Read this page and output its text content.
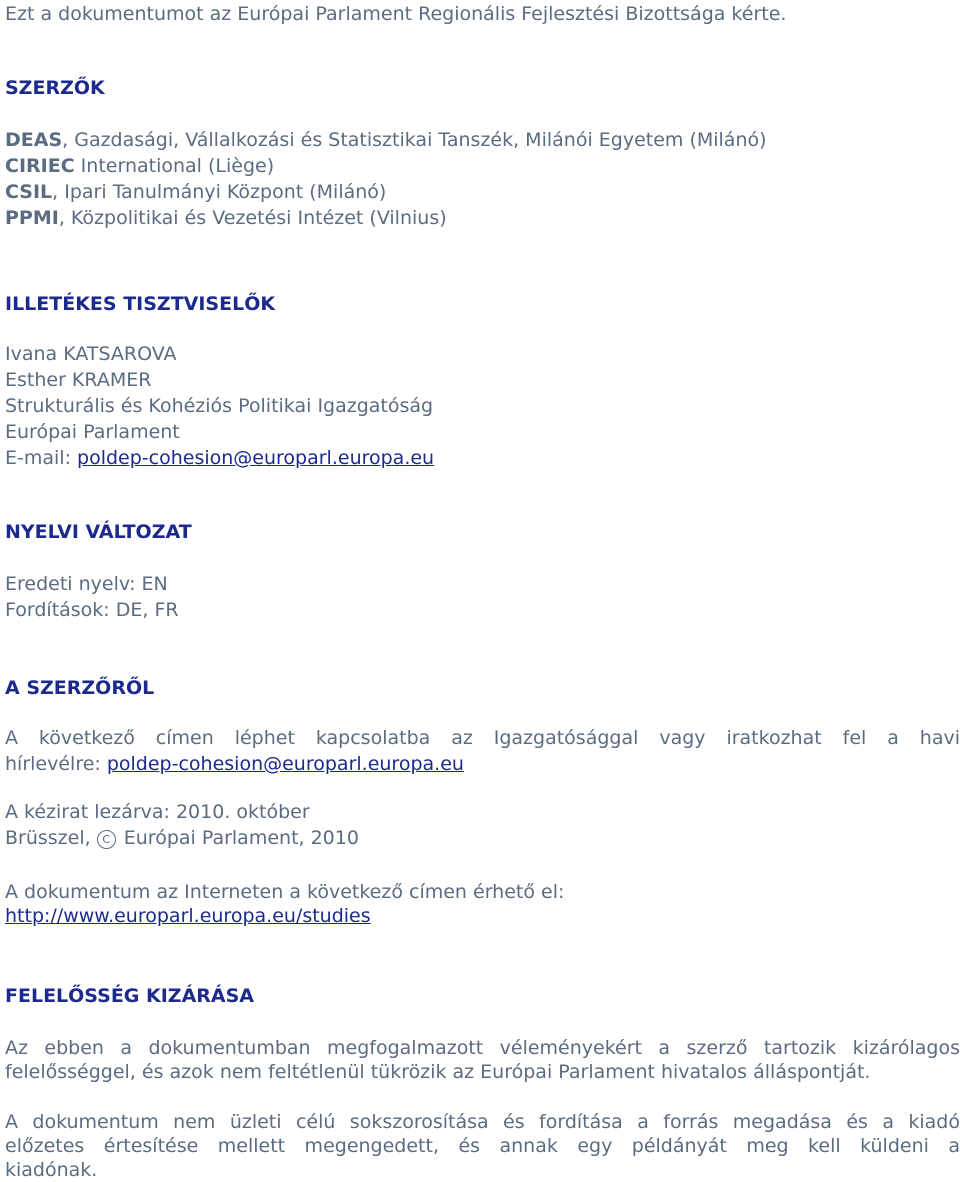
Ezt a dokumentumot az Európai Parlament Regionális Fejlesztési Bizottsága kérte.
SZERZŐK
DEAS, Gazdasági, Vállalkozási és Statisztikai Tanszék, Milánói Egyetem (Milánó)
CIRIEC International (Liège)
CSIL, Ipari Tanulmányi Központ (Milánó)
PPMI, Közpolitikai és Vezetési Intézet (Vilnius)
ILLETÉKES TISZTVISELŐK
Ivana KATSAROVA
Esther KRAMER
Strukturális és Kohéziós Politikai Igazgatóság
Európai Parlament
E-mail: poldep-cohesion@europarl.europa.eu
NYELVI VÁLTOZAT
Eredeti nyelv: EN
Fordítások: DE, FR
A SZERZŐRŐL
A következő címen léphet kapcsolatba az Igazgatósággal vagy iratkozhat fel a havi
hírlevélre: poldep-cohesion@europarl.europa.eu
A kézirat lezárva: 2010. október
Brüsszel, C Európai Parlament, 2010
A dokumentum az Interneten a következő címen érhető el:
http://www.europarl.europa.eu/studies
FELELŐSSÉG KIZÁRÁSA
Az ebben a dokumentumban megfogalmazott véleményekért a szerző tartozik kizárólagos
felelősséggel, és azok nem feltétlenül tükrözik az Európai Parlament hivatalos álláspontját.
A dokumentum nem üzleti célú sokszorosítása és fordítása a forrás megadása és a kiadó
előzetes értesítése mellett megengedett, és annak egy példányát meg kell küldeni a
kiadónak.
